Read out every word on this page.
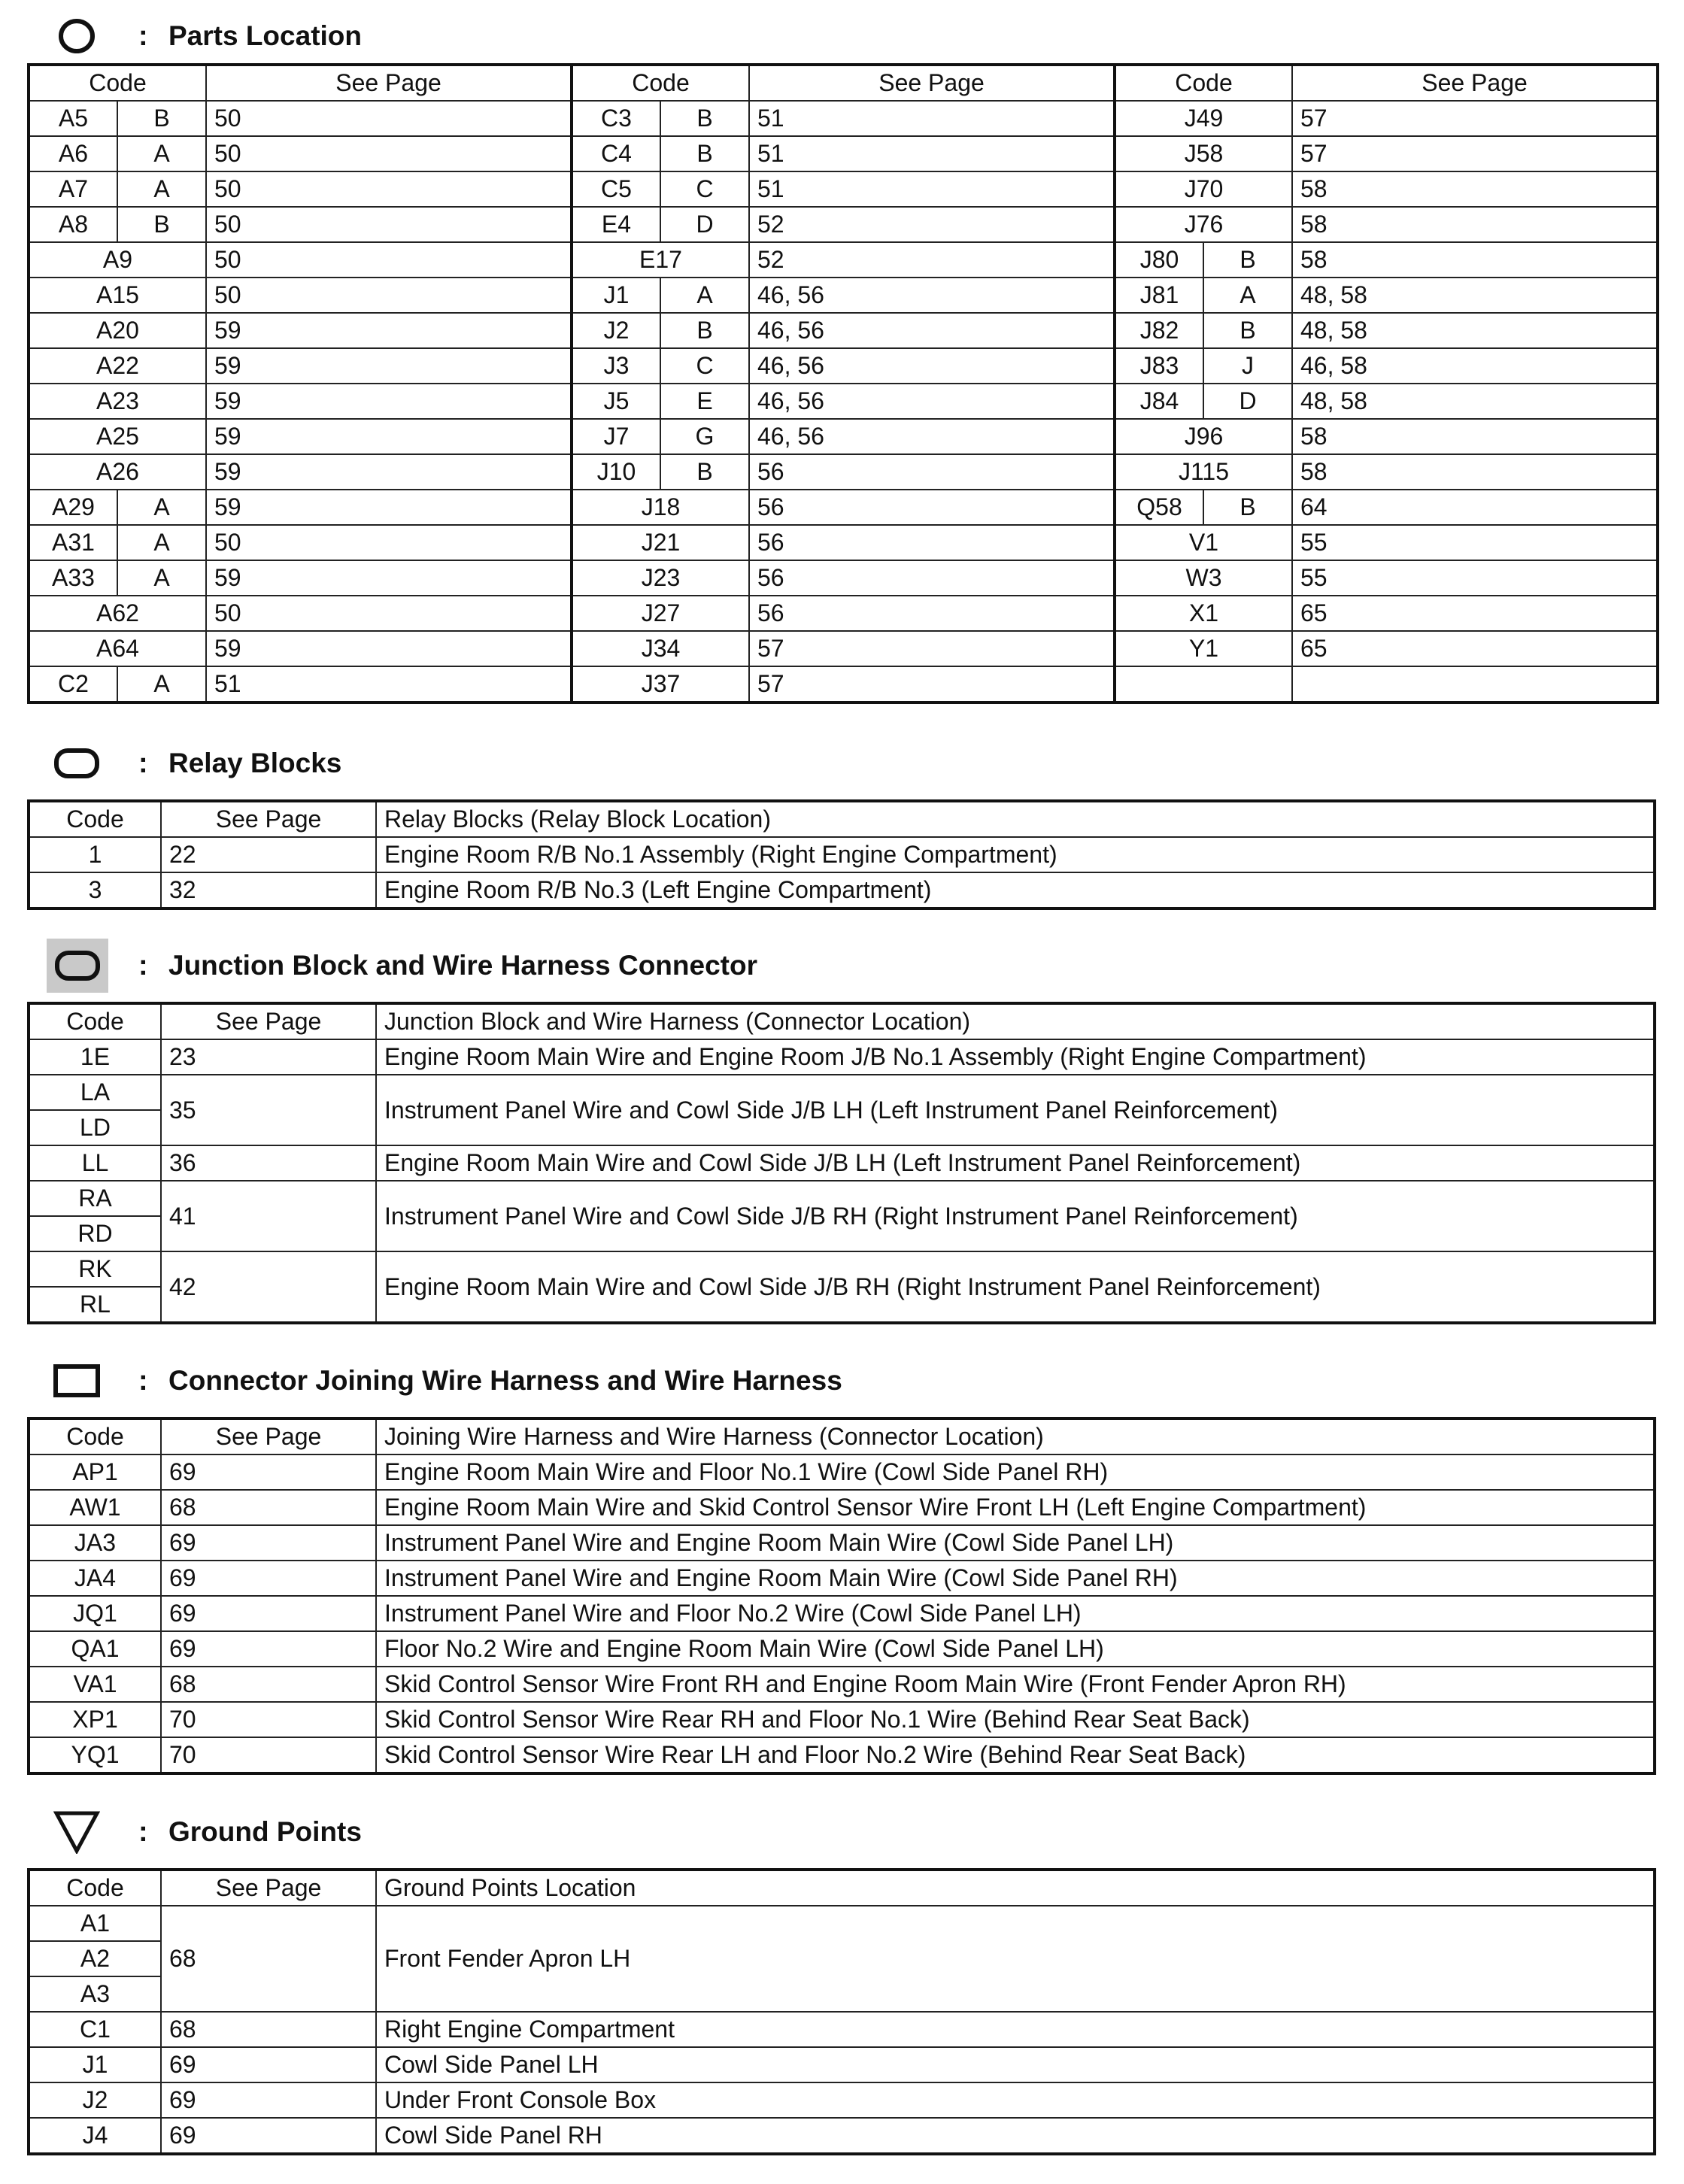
: Parts Location
Code		See Page	Code		See Page	Code		See Page
A5	B	50	C3	B	51	J49		57
A6	A	50	C4	B	51	J58		57
A7	A	50	C5	C	51	J70		58
A8	B	50	E4	D	52	J76		58
A9		50	E17		52	J80	B	58
A15		50	J1	A	46, 56	J81	A	48, 58
A20		59	J2	B	46, 56	J82	B	48, 58
A22		59	J3	C	46, 56	J83	J	46, 58
A23		59	J5	E	46, 56	J84	D	48, 58
A25		59	J7	G	46, 56	J96		58
A26		59	J10	B	56	J115		58
A29	A	59	J18		56	Q58	B	64
A31	A	50	J21		56	V1		55
A33	A	59	J23		56	W3		55
A62		50	J27		56	X1		65
A64		59	J34		57	Y1		65
C2	A	51	J37		57			
: Relay Blocks
Code	See Page	Relay Blocks (Relay Block Location)
1	22	Engine Room R/B No.1 Assembly (Right Engine Compartment)
3	32	Engine Room R/B No.3 (Left Engine Compartment)
: Junction Block and Wire Harness Connector
Code	See Page	Junction Block and Wire Harness (Connector Location)
1E	23	Engine Room Main Wire and Engine Room J/B No.1 Assembly (Right Engine Compartment)
LA	35	Instrument Panel Wire and Cowl Side J/B LH (Left Instrument Panel Reinforcement)
LD		
LL	36	Engine Room Main Wire and Cowl Side J/B LH (Left Instrument Panel Reinforcement)
RA	41	Instrument Panel Wire and Cowl Side J/B RH (Right Instrument Panel Reinforcement)
RD		
RK	42	Engine Room Main Wire and Cowl Side J/B RH (Right Instrument Panel Reinforcement)
RL		
: Connector Joining Wire Harness and Wire Harness
Code	See Page	Joining Wire Harness and Wire Harness (Connector Location)
AP1	69	Engine Room Main Wire and Floor No.1 Wire (Cowl Side Panel RH)
AW1	68	Engine Room Main Wire and Skid Control Sensor Wire Front LH (Left Engine Compartment)
JA3	69	Instrument Panel Wire and Engine Room Main Wire (Cowl Side Panel LH)
JA4	69	Instrument Panel Wire and Engine Room Main Wire (Cowl Side Panel RH)
JQ1	69	Instrument Panel Wire and Floor No.2 Wire (Cowl Side Panel LH)
QA1	69	Floor No.2 Wire and Engine Room Main Wire (Cowl Side Panel LH)
VA1	68	Skid Control Sensor Wire Front RH and Engine Room Main Wire (Front Fender Apron RH)
XP1	70	Skid Control Sensor Wire Rear RH and Floor No.1 Wire (Behind Rear Seat Back)
YQ1	70	Skid Control Sensor Wire Rear LH and Floor No.2 Wire (Behind Rear Seat Back)
: Ground Points
Code	See Page	Ground Points Location
A1	68	Front Fender Apron LH
A2		
A3		
C1	68	Right Engine Compartment
J1	69	Cowl Side Panel LH
J2	69	Under Front Console Box
J4	69	Cowl Side Panel RH
